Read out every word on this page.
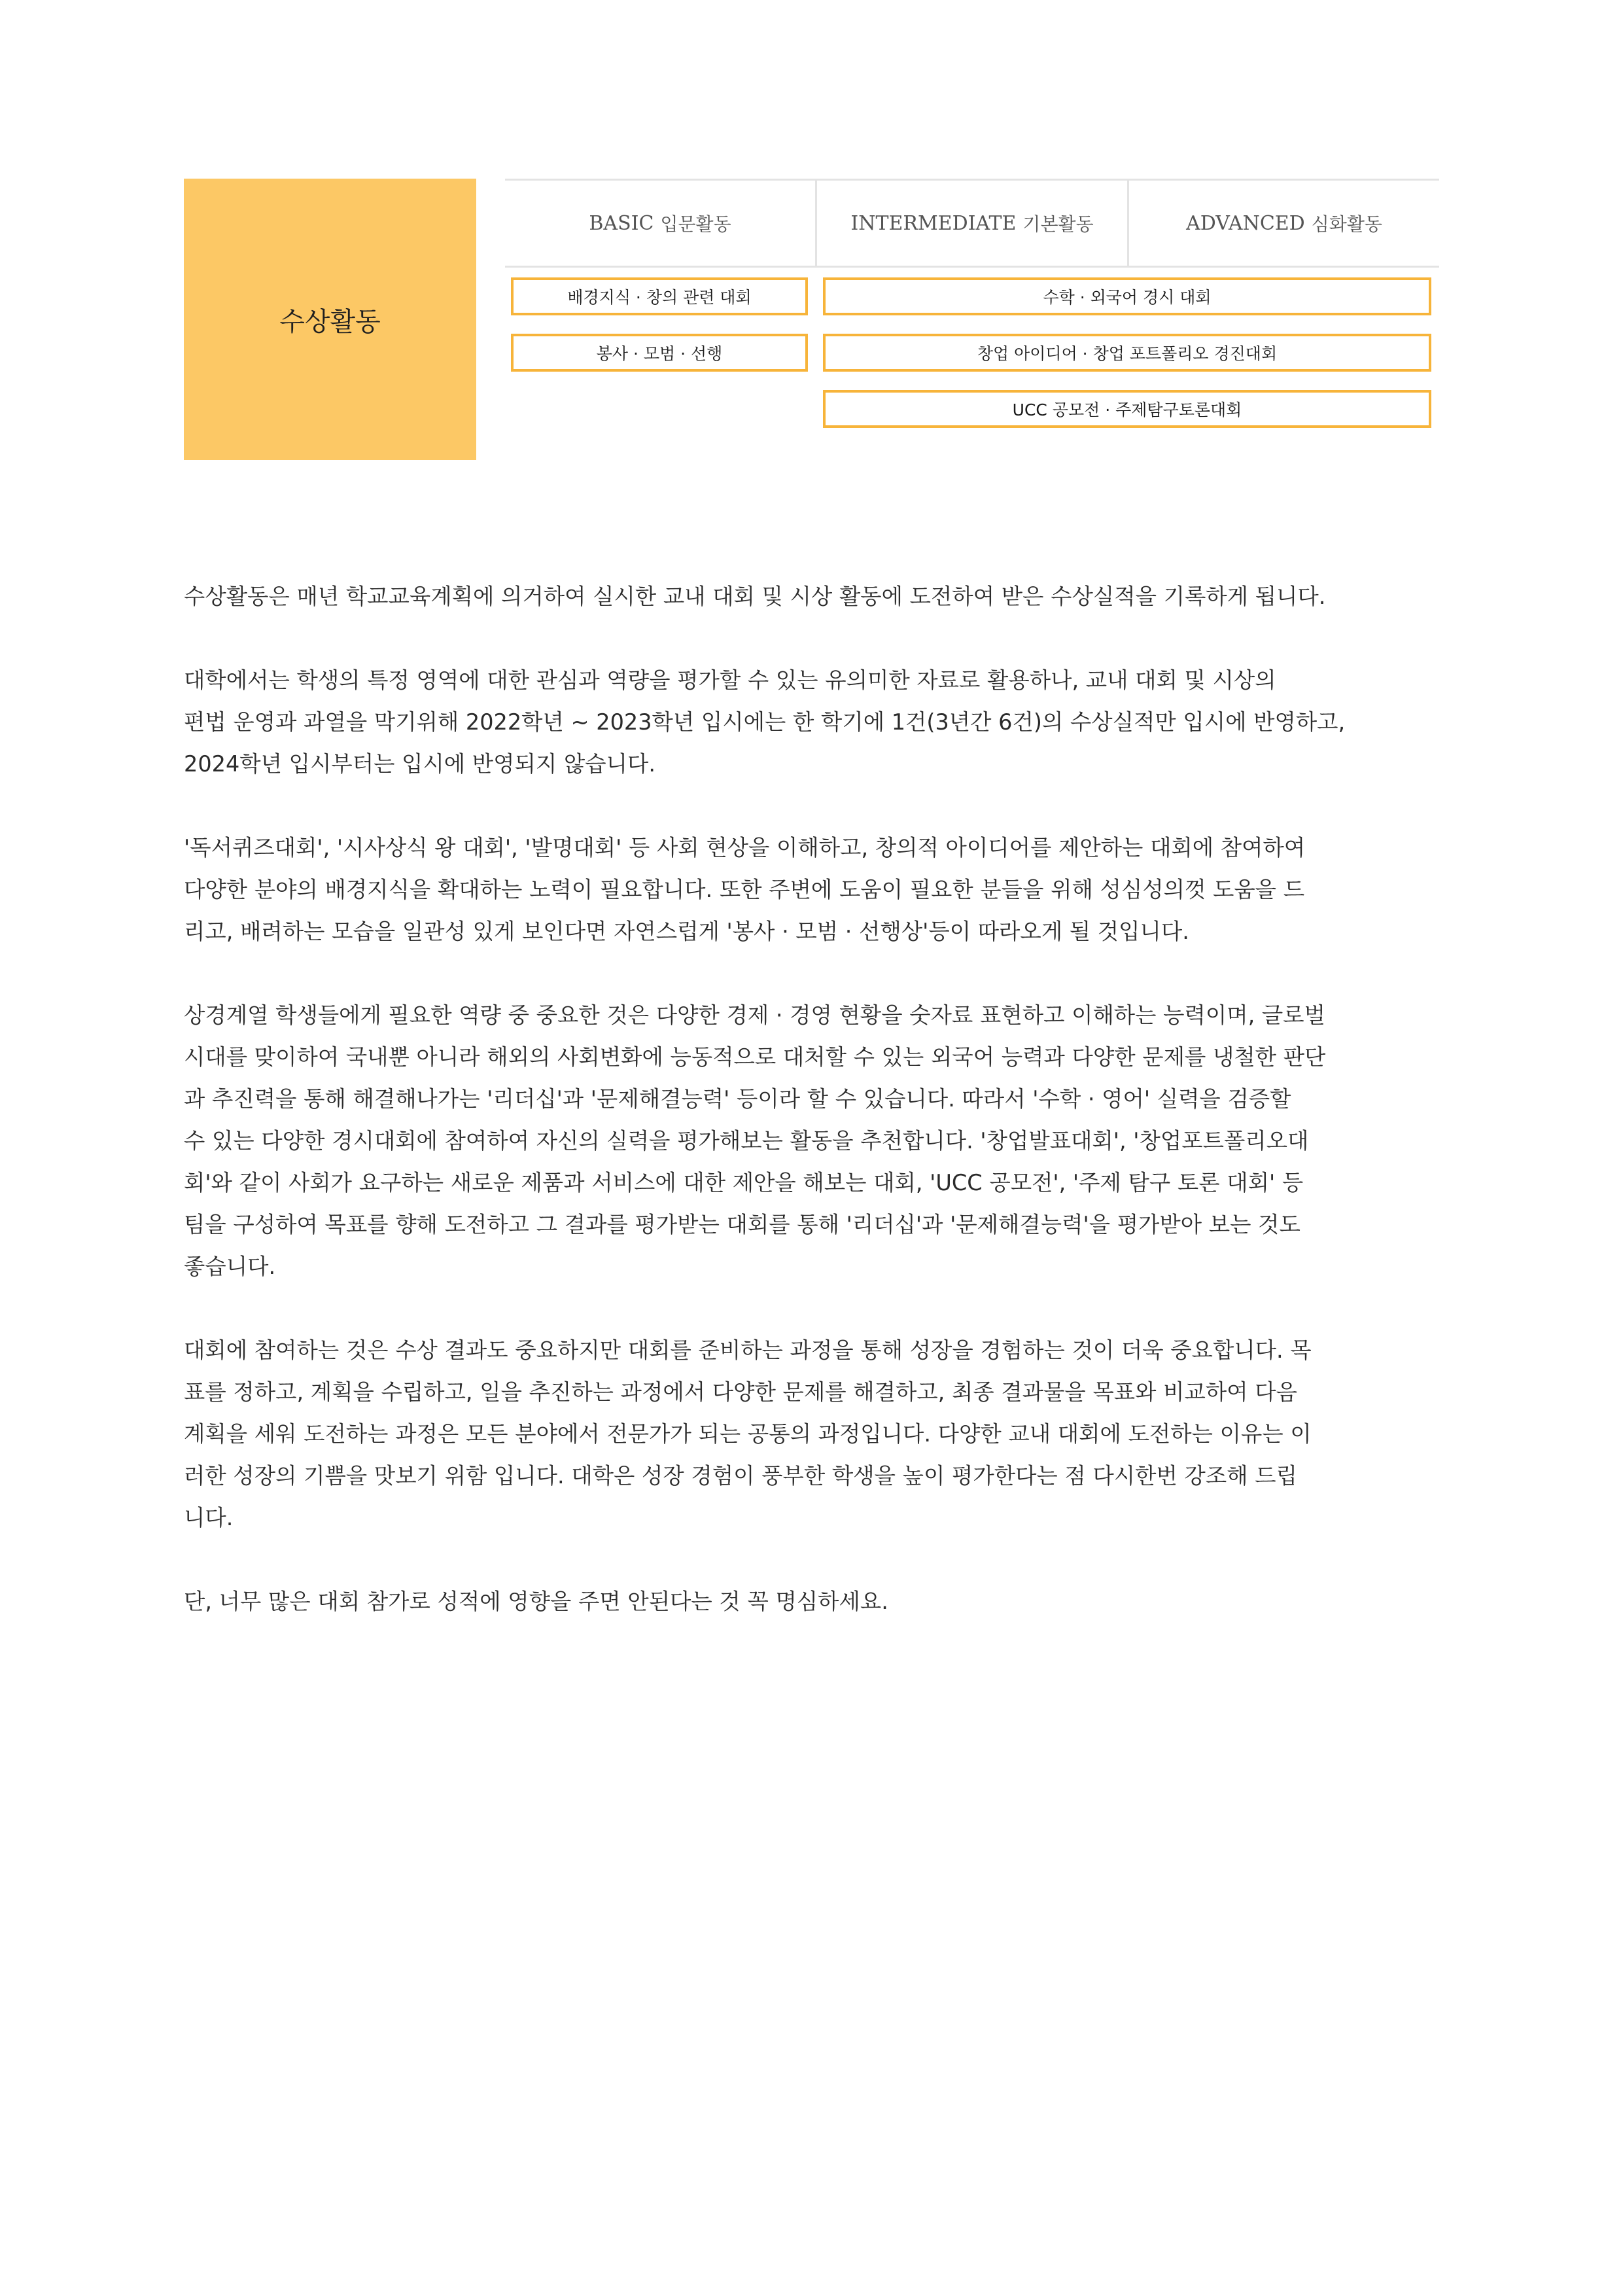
수상활동
BASIC 입문활동	INTERMEDIATE 기본활동	ADVANCED 심화활동
배경지식 · 창의 관련 대회
봉사 · 모범 · 선행
수학 · 외국어 경시 대회
창업 아이디어 · 창업 포트폴리오 경진대회
UCC 공모전 · 주제탐구토론대회

수상활동은 매년 학교교육계획에 의거하여 실시한 교내 대회 및 시상 활동에 도전하여 받은 수상실적을 기록하게 됩니다.

대학에서는 학생의 특정 영역에 대한 관심과 역량을 평가할 수 있는 유의미한 자료로 활용하나, 교내 대회 및 시상의
편법 운영과 과열을 막기위해 2022학년 ~ 2023학년 입시에는 한 학기에 1건(3년간 6건)의 수상실적만 입시에 반영하고,
2024학년 입시부터는 입시에 반영되지 않습니다.

'독서퀴즈대회', '시사상식 왕 대회', '발명대회' 등 사회 현상을 이해하고, 창의적 아이디어를 제안하는 대회에 참여하여
다양한 분야의 배경지식을 확대하는 노력이 필요합니다. 또한 주변에 도움이 필요한 분들을 위해 성심성의껏 도움을 드
리고, 배려하는 모습을 일관성 있게 보인다면 자연스럽게 '봉사 · 모범 · 선행상'등이 따라오게 될 것입니다.

상경계열 학생들에게 필요한 역량 중 중요한 것은 다양한 경제 · 경영 현황을 숫자료 표현하고 이해하는 능력이며, 글로벌
시대를 맞이하여 국내뿐 아니라 해외의 사회변화에 능동적으로 대처할 수 있는 외국어 능력과 다양한 문제를 냉철한 판단
과 추진력을 통해 해결해나가는 '리더십'과 '문제해결능력' 등이라 할 수 있습니다. 따라서 '수학 · 영어' 실력을 검증할
수 있는 다양한 경시대회에 참여하여 자신의 실력을 평가해보는 활동을 추천합니다. '창업발표대회', '창업포트폴리오대
회'와 같이 사회가 요구하는 새로운 제품과 서비스에 대한 제안을 해보는 대회, 'UCC 공모전', '주제 탐구 토론 대회' 등
팀을 구성하여 목표를 향해 도전하고 그 결과를 평가받는 대회를 통해 '리더십'과 '문제해결능력'을 평가받아 보는 것도
좋습니다.

대회에 참여하는 것은 수상 결과도 중요하지만 대회를 준비하는 과정을 통해 성장을 경험하는 것이 더욱 중요합니다. 목
표를 정하고, 계획을 수립하고, 일을 추진하는 과정에서 다양한 문제를 해결하고, 최종 결과물을 목표와 비교하여 다음
계획을 세워 도전하는 과정은 모든 분야에서 전문가가 되는 공통의 과정입니다. 다양한 교내 대회에 도전하는 이유는 이
러한 성장의 기쁨을 맛보기 위함 입니다. 대학은 성장 경험이 풍부한 학생을 높이 평가한다는 점 다시한번 강조해 드립
니다.

단, 너무 많은 대회 참가로 성적에 영향을 주면 안된다는 것 꼭 명심하세요.
